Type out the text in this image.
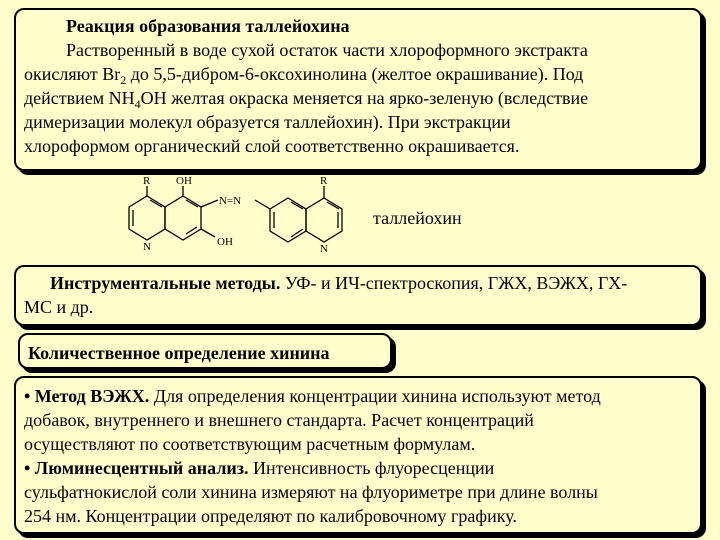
Реакция образования таллейохина
Растворенный в воде сухой остаток части хлороформного экстракта
окисляют $Br_2$ до 5,5-дибром-6-оксохинолина (желтое окрашивание). Под
действием $NH_4OH$ желтая окраска меняется на ярко-зеленую (вследствие
димеризации молекул образуется таллейохин). При экстракции
хлороформом органический слой соответственно окрашивается.
R OH
OH
N=N
R
N	N
таллейохин
Инструментальные методы. УФ- и ИЧ-спектроскопия, ГЖХ, ВЭЖХ, ГХ-
МС и др.
Количественное определение хинина
• Метод ВЭЖХ. Для определения концентрации хинина используют метод
добавок, внутреннего и внешнего стандарта. Расчет концентраций
осуществляют по соответствующим расчетным формулам.
• Люминесцентный анализ. Интенсивность флуоресценции
сульфатнокислой соли хинина измеряют на флуориметре при длине волны
254 нм. Концентрации определяют по калибровочному графику.
